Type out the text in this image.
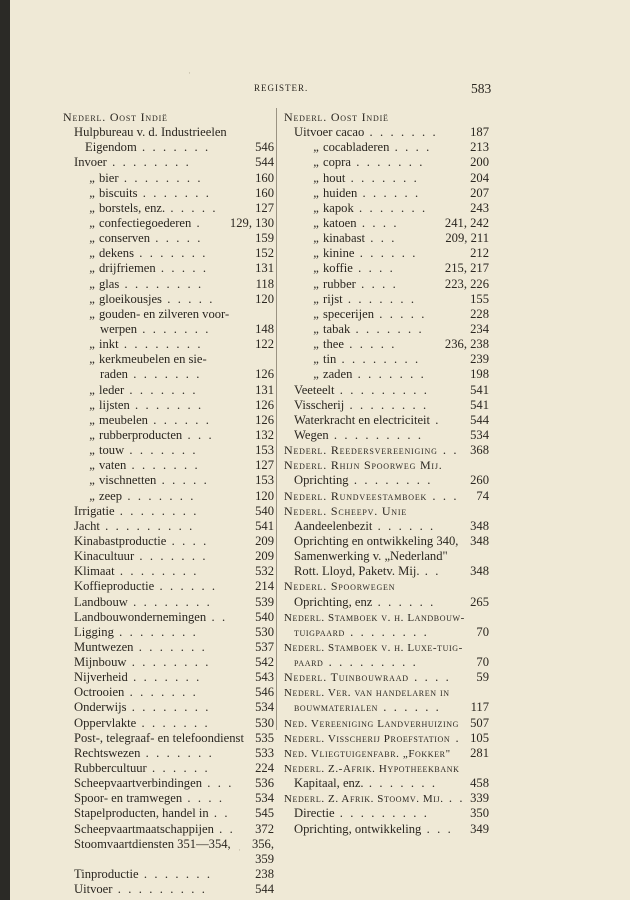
REGISTER.	583
Nederl. Oost Indië
Hulpbureau v. d. Industrieelen
Eigendom . . . . . . .	546
Invoer . . . . . . . .	544
„ bier . . . . . . . .	160
„ biscuits . . . . . . .	160
„ borstels, enz. . . . . .	127
„ confectiegoederen . 129, 130
„ conserven . . . . .	159
„ dekens . . . . . . .	152
„ drijfriemen . . . . .	131
„ glas . . . . . . . .	118
„ gloeikousjes . . . . .	120
„ gouden- en zilveren voor-
werpen . . . . . . .	148
„ inkt . . . . . . . .	122
„ kerkmeubelen en sie-
raden . . . . . . .	126
„ leder . . . . . . .	131
„ lijsten . . . . . . .	126
„ meubelen . . . . . .	126
„ rubberproducten . . .	132
„ touw . . . . . . .	153
„ vaten . . . . . . .	127
„ vischnetten . . . . .	153
„ zeep . . . . . . .	120
Irrigatie . . . . . . . .	540
Jacht . . . . . . . . .	541
Kinabastproductie . . . .	209
Kinacultuur . . . . . . .	209
Klimaat . . . . . . . .	532
Koffieproductie . . . . . .	214
Landbouw . . . . . . . .	539
Landbouwondernemingen . . 540
Ligging . . . . . . . .	530
Muntwezen . . . . . . .	537
Mijnbouw . . . . . . . .	542
Nijverheid . . . . . . .	543
Octrooien . . . . . . .	546
Onderwijs . . . . . . . .	534
Oppervlakte . . . . . . .	530
Post-, telegraaf- en telefoondienst 535
Rechtswezen . . . . . . .	533
Rubbercultuur . . . . . .	224
Scheepvaartverbindingen . . . 536
Spoor- en tramwegen . . . . 534
Stapelproducten, handel in . . 545
Scheepvaartmaatschappijen . . 372
Stoomvaartdiensten 351—354, 356,
359
Tinproductie . . . . . . .	238
Uitvoer . . . . . . . . .	544
Nederl. Oost Indië
Uitvoer cacao . . . . . . .	187
„ cocabladeren . . . .	213
„ copra . . . . . . .	200
„ hout . . . . . . .	204
„ huiden . . . . . .	207
„ kapok . . . . . . .	243
„ katoen . . . .	241, 242
„ kinabast . . .	209, 211
„ kinine . . . . . .	212
„ koffie . . . .	215, 217
„ rubber . . . .	223, 226
„ rijst . . . . . . .	155
„ specerijen . . . . .	228
„ tabak . . . . . . .	234
„ thee . . . . .	236, 238
„ tin . . . . . . . .	239
„ zaden . . . . . . .	198
Veeteelt . . . . . . . . .	541
Visscherij . . . . . . . .	541
Waterkracht en electriciteit . 544
Wegen . . . . . . . . .	534
Nederl. Reedersvereeniging . . 368
Nederl. Rhijn Spoorweg Mij.
Oprichting . . . . . . . .	260
Nederl. Rundveestamboek . . . 74
Nederl. Scheepv. Unie
Aandeelenbezit . . . . . .	348
Oprichting en ontwikkeling 340, 348
Samenwerking v. „Nederland"
Rott. Lloyd, Paketv. Mij. . . 348
Nederl. Spoorwegen
Oprichting, enz . . . . . .	265
Nederl. Stamboek v. h. Landbouw-
tuigpaard . . . . . . . .	70
Nederl. Stamboek v. h. Luxe-tuig-
paard . . . . . . . . .	70
Nederl. Tuinbouwraad . . . . 59
Nederl. Ver. van handelaren in
bouwmaterialen . . . . . . 117
Ned. Vereeniging Landverhuizing 507
Nederl. Visscherij Proefstation . 105
Ned. Vliegtuigenfabr. „Fokker" 281
Nederl. Z.-Afrik. Hypotheekbank
Kapitaal, enz. . . . . . . .	458
Nederl. Z. Afrik. Stoomv. Mij. . . 339
Directie . . . . . . . . .	350
Oprichting, ontwikkeling . . . 349
·
·
